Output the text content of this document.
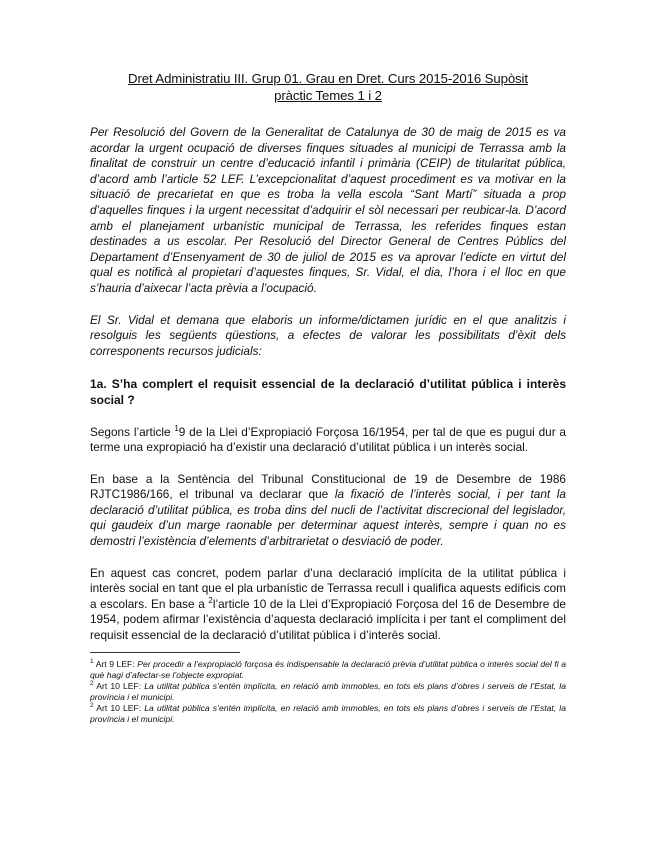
Dret Administratiu III. Grup 01. Grau en Dret. Curs 2015-2016 Supòsit
pràctic Temes 1 i 2

Per Resolució del Govern de la Generalitat de Catalunya de 30 de maig de 2015 es va acordar la urgent ocupació de diverses finques situades al municipi de Terrassa amb la finalitat de construir un centre d’educació infantil i primària (CEIP) de titularitat pública, d’acord amb l’article 52 LEF. L’excepcionalitat d’aquest procediment es va motivar en la situació de precarietat en que es troba la vella escola “Sant Martí” situada a prop d’aquelles finques i la urgent necessitat d’adquirir el sòl necessari per reubicar-la. D’acord amb el planejament urbanístic municipal de Terrassa, les referides finques estan destinades a us escolar. Per Resolució del Director General de Centres Públics del Departament d’Ensenyament de 30 de juliol de 2015 es va aprovar l’edicte en virtut del qual es notificà al propietari d’aquestes finques, Sr. Vidal, el dia, l’hora i el lloc en que s’hauria d’aixecar l’acta prèvia a l’ocupació.

El Sr. Vidal et demana que elaboris un informe/dictamen jurídic en el que analitzis i resolguis les següents qüestions, a efectes de valorar les possibilitats d’èxit dels corresponents recursos judicials:

1a. S’ha complert el requisit essencial de la declaració d’utilitat pública i interès social ?

Segons l’article $^1$9 de la Llei d’Expropiació Forçosa 16/1954, per tal de que es pugui dur a terme una expropiació ha d’existir una declaració d’utilitat pública i un interès social.

En base a la Sentència del Tribunal Constitucional de 19 de Desembre de 1986 RJTC1986/166, el tribunal va declarar que la fixació de l’interès social, i per tant la declaració d’utilitat pública, es troba dins del nucli de l’activitat discrecional del legislador, qui gaudeix d’un marge raonable per determinar aquest interès, sempre i quan no es demostri l’existència d’elements d’arbitrarietat o desviació de poder.

En aquest cas concret, podem parlar d’una declaració implícita de la utilitat pública i interès social en tant que el pla urbanístic de Terrassa recull i qualifica aquests edificis com a escolars. En base a $^2$l’article 10 de la Llei d’Expropiació Forçosa del 16 de Desembre de 1954, podem afirmar l’existència d’aquesta declaració implícita i per tant el compliment del requisit essencial de la declaració d’utilitat pública i d’interès social.

$^1$ Art 9 LEF: Per procedir a l’expropiació forçosa és indispensable la declaració prèvia d’utilitat pública o interès social del fi a què hagi d’afectar-se l’objecte expropiat.

$^2$ Art 10 LEF: La utilitat pública s’entén implícita, en relació amb immobles, en tots els plans d’obres i serveis de l’Estat, la província i el municipi.

$^2$ Art 10 LEF: La utilitat pública s’entén implícita, en relació amb immobles, en tots els plans d’obres i serveis de l’Estat, la província i el municipi.
